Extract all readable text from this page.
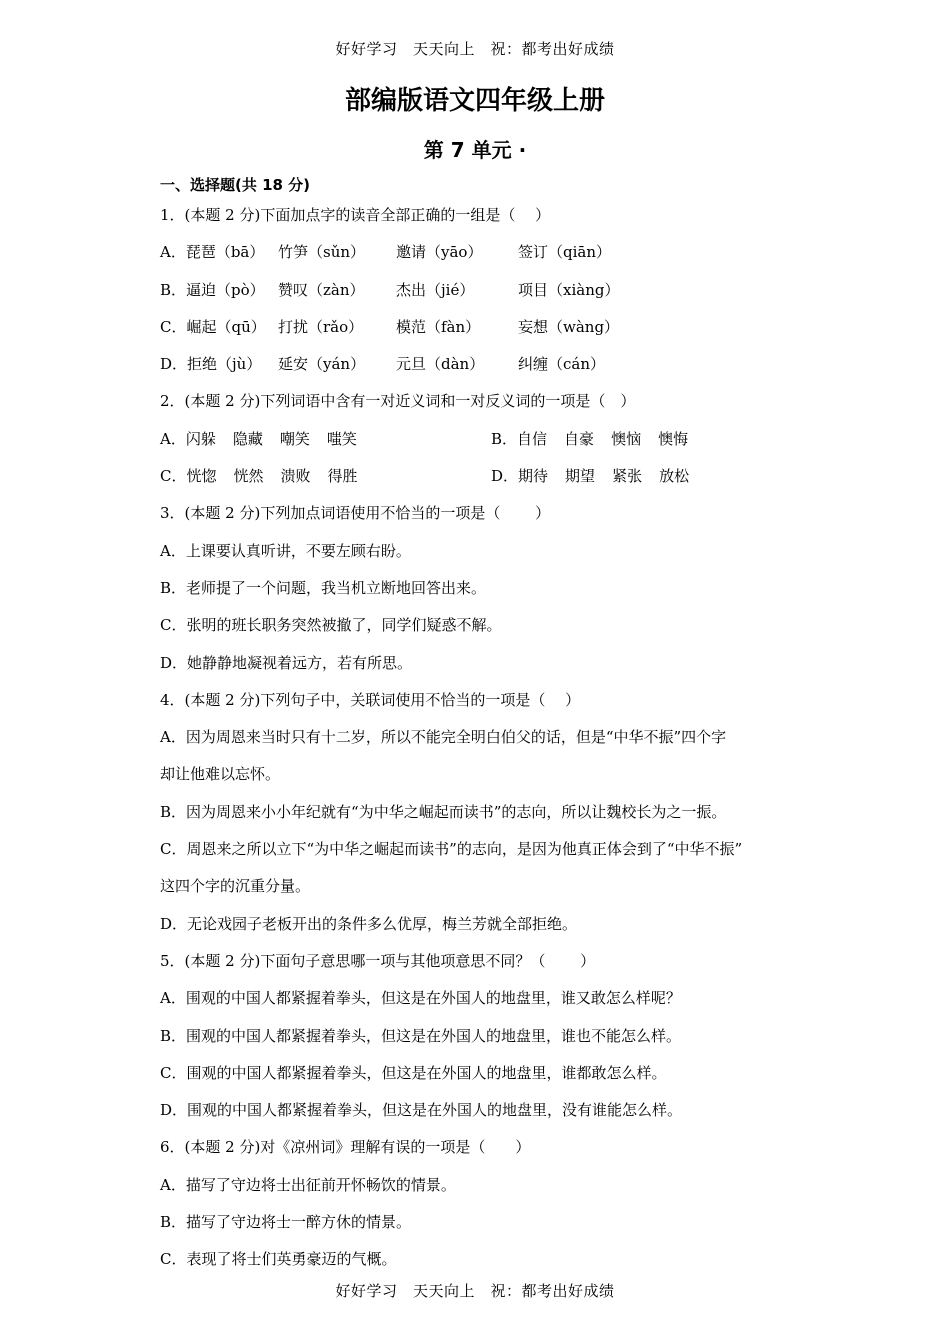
好好学习　天天向上　祝：都考出好成绩
部编版语文四年级上册
第 7 单元 ·
一、选择题(共 18 分)
1．(本题 2 分)下面加点字的读音全部正确的一组是（　 ）
A．琵琶（bā） 竹笋（sǔn）	邀请（yāo）	签订（qiān）
B．逼迫（pò） 赞叹（zàn）	杰出（jié）	项目（xiàng）
C．崛起（qū） 打扰（rǎo）	模范（fàn）	妄想（wàng）
D．拒绝（jù）	延安（yán）	元旦（dàn）	纠缠（cán）
2．(本题 2 分)下列词语中含有一对近义词和一对反义词的一项是（　）
A．闪躲 隐藏 嘲笑 嗤笑	B．自信 自豪 懊恼 懊悔
C．恍惚 恍然 溃败 得胜	D．期待 期望 紧张 放松
3．(本题 2 分)下列加点词语使用不恰当的一项是（　　 ）
A．上课要认真听讲，不要左顾右盼。
B．老师提了一个问题，我当机立断地回答出来。
C．张明的班长职务突然被撤了，同学们疑惑不解。
D．她静静地凝视着远方，若有所思。
4．(本题 2 分)下列句子中，关联词使用不恰当的一项是（　 ）
A．因为周恩来当时只有十二岁，所以不能完全明白伯父的话，但是“中华不振”四个字
却让他难以忘怀。
B．因为周恩来小小年纪就有“为中华之崛起而读书”的志向，所以让魏校长为之一振。
C．周恩来之所以立下“为中华之崛起而读书”的志向，是因为他真正体会到了“中华不振”
这四个字的沉重分量。
D．无论戏园子老板开出的条件多么优厚，梅兰芳就全部拒绝。
5．(本题 2 分)下面句子意思哪一项与其他项意思不同？（　　 ）
A．围观的中国人都紧握着拳头，但这是在外国人的地盘里，谁又敢怎么样呢？
B．围观的中国人都紧握着拳头，但这是在外国人的地盘里，谁也不能怎么样。
C．围观的中国人都紧握着拳头，但这是在外国人的地盘里，谁都敢怎么样。
D．围观的中国人都紧握着拳头，但这是在外国人的地盘里，没有谁能怎么样。
6．(本题 2 分)对《凉州词》理解有误的一项是（　　）
A．描写了守边将士出征前开怀畅饮的情景。
B．描写了守边将士一醉方休的情景。
C．表现了将士们英勇豪迈的气概。
好好学习　天天向上　祝：都考出好成绩
